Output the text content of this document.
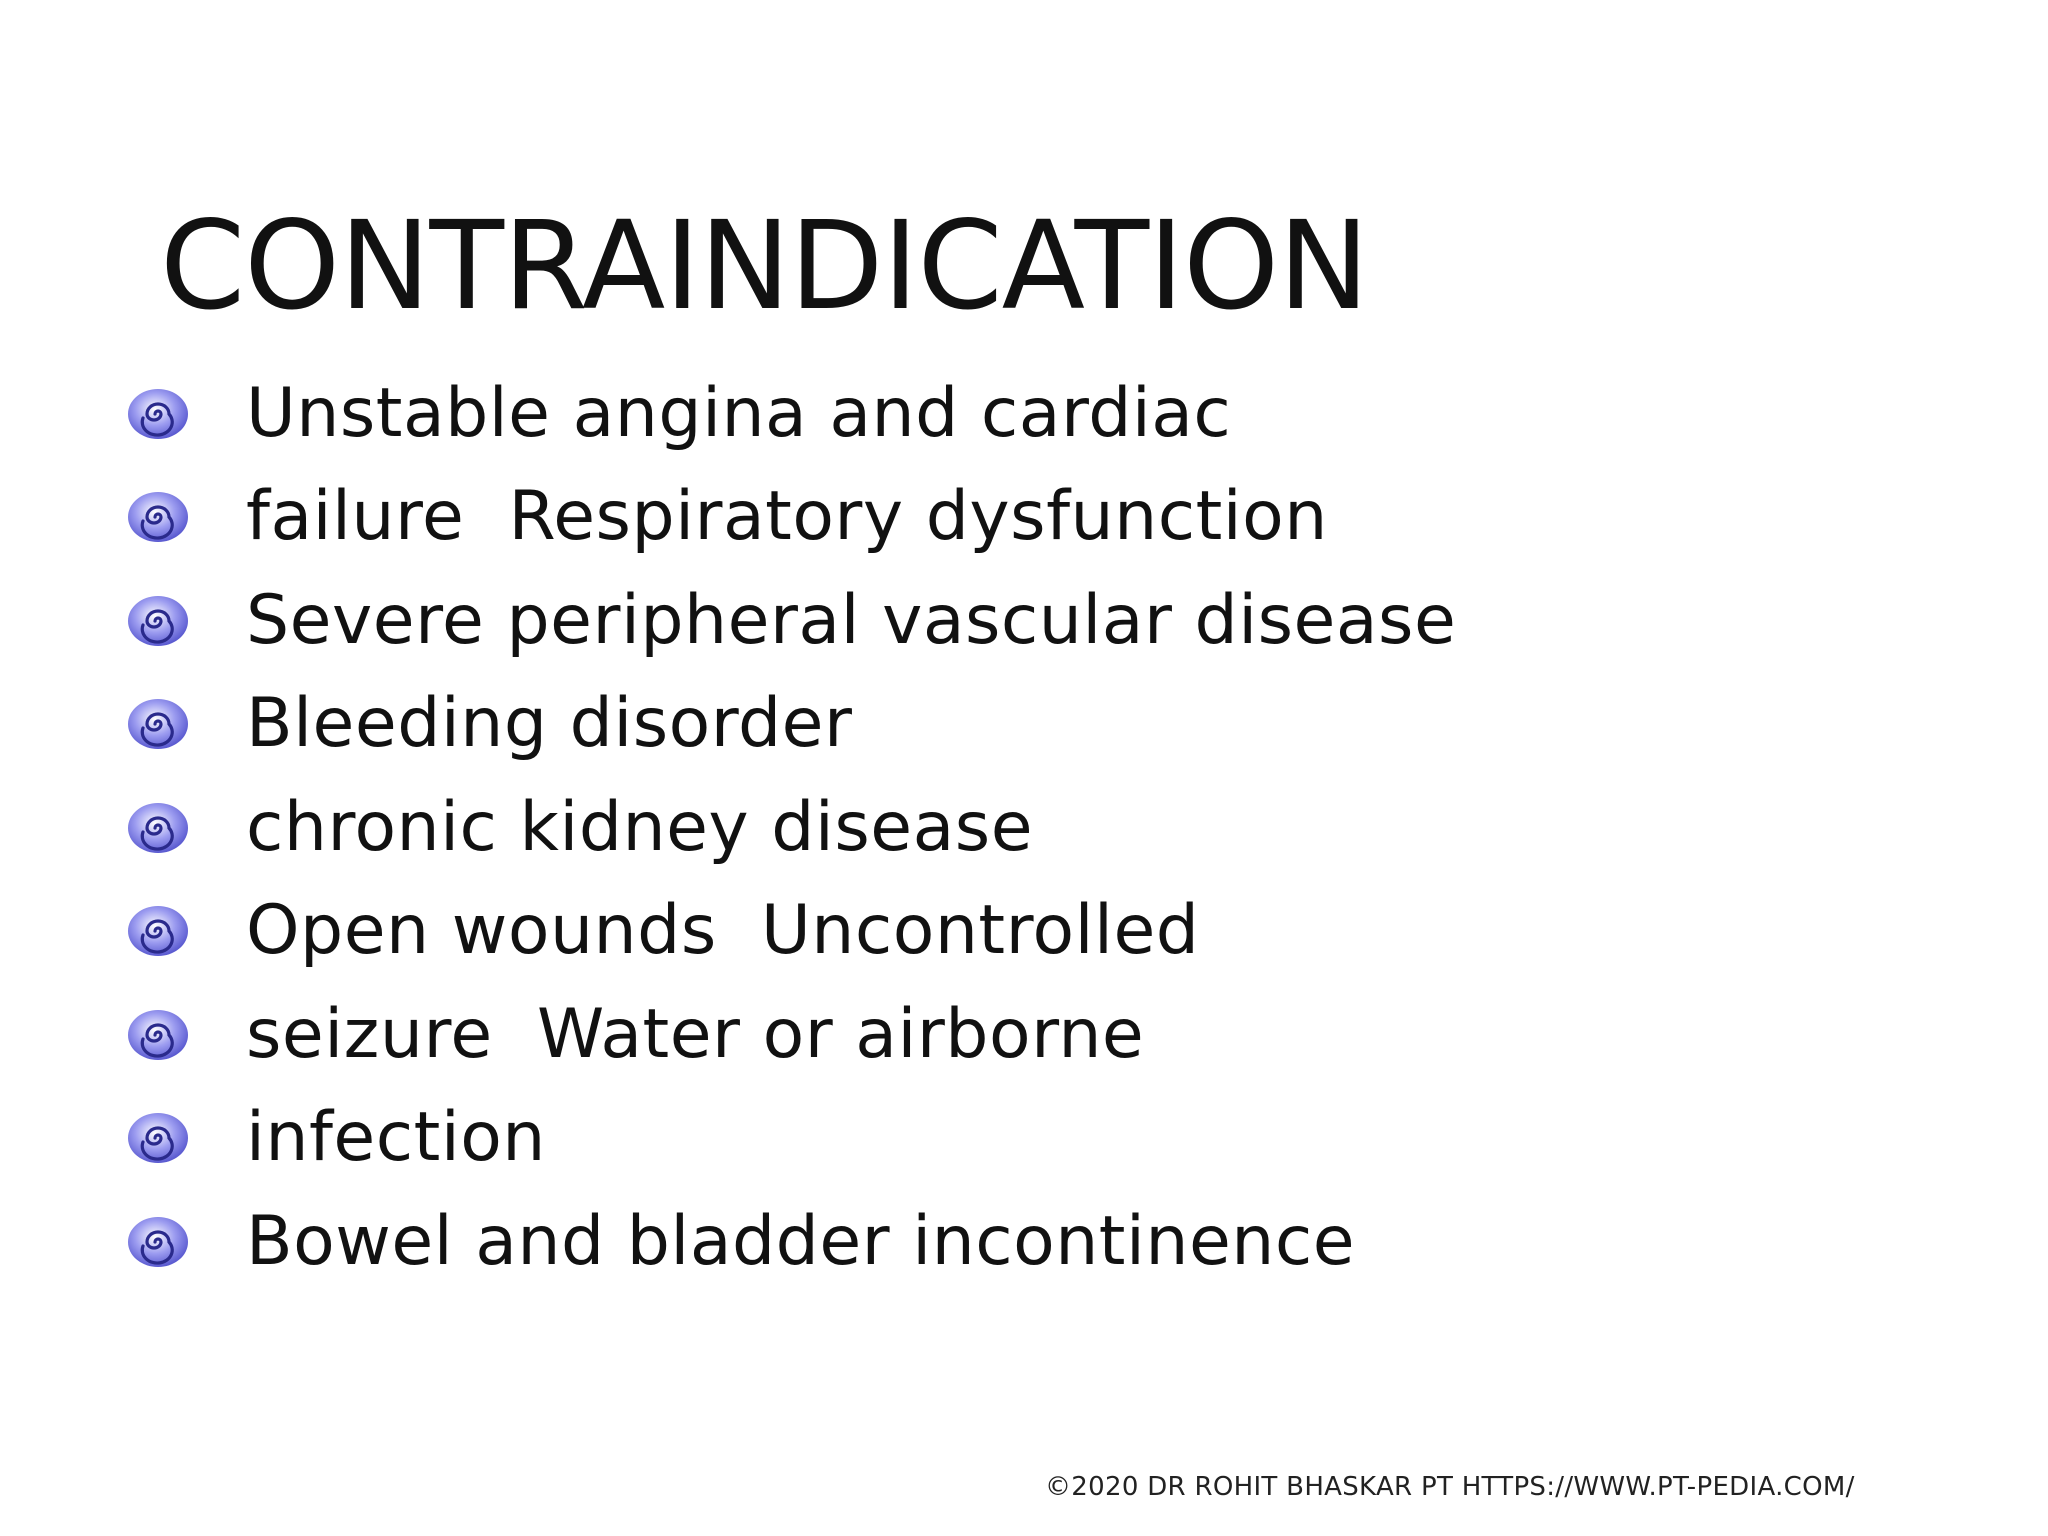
CONTRAINDICATION
Unstable angina and cardiac
failure  Respiratory dysfunction
Severe peripheral vascular disease
Bleeding disorder
chronic kidney disease
Open wounds  Uncontrolled
seizure  Water or airborne
infection
Bowel and bladder incontinence
©2020 DR ROHIT BHASKAR PT HTTPS://WWW.PT-PEDIA.COM/
